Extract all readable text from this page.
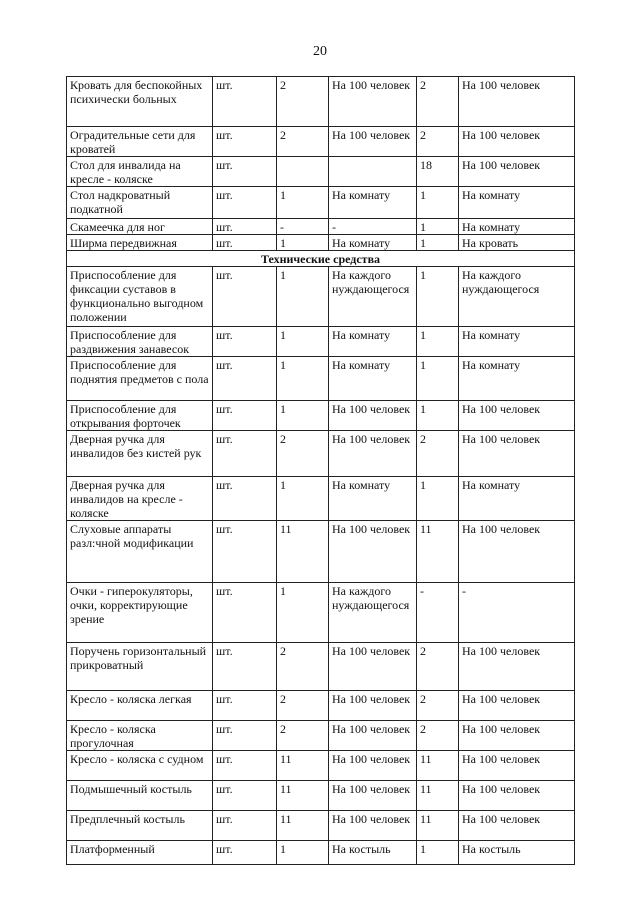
20
Кровать для беспокойных психически больных	шт.	2	На 100 человек	2	На 100 человек
Оградительные сети для кроватей	шт.	2	На 100 человек	2	На 100 человек
Стол для инвалида на кресле - коляске	шт.			18	На 100 человек
Стол надкроватный подкатной	шт.	1	На комнату	1	На комнату
Скамеечка для ног	шт.	-	-	1	На комнату
Ширма передвижная	шт.	1	На комнату	1	На кровать
Технические средства					
Приспособление для фиксации суставов в функционально выгодном положении	шт.	1	На каждого нуждающегося	1	На каждого нуждающегося
Приспособление для раздвижения занавесок	шт.	1	На комнату	1	На комнату
Приспособление для поднятия предметов с пола	шт.	1	На комнату	1	На комнату
Приспособление для открывания форточек	шт.	1	На 100 человек	1	На 100 человек
Дверная ручка для инвалидов без кистей рук	шт.	2	На 100 человек	2	На 100 человек
Дверная ручка для инвалидов на кресле - коляске	шт.	1	На комнату	1	На комнату
Слуховые аппараты разл:чной модификации	шт.	11	На 100 человек	11	На 100 человек
Очки - гиперокуляторы, очки, корректирующие зрение	шт.	1	На каждого нуждающегося	-	-
Поручень горизонтальный прикроватный	шт.	2	На 100 человек	2	На 100 человек
Кресло - коляска легкая	шт.	2	На 100 человек	2	На 100 человек
Кресло - коляска прогулочная	шт.	2	На 100 человек	2	На 100 человек
Кресло - коляска с судном	шт.	11	На 100 человек	11	На 100 человек
Подмышечный костыль	шт.	11	На 100 человек	11	На 100 человек
Предплечный костыль	шт.	11	На 100 человек	11	На 100 человек
Платформенный	шт.	1	На костыль	1	На костыль
